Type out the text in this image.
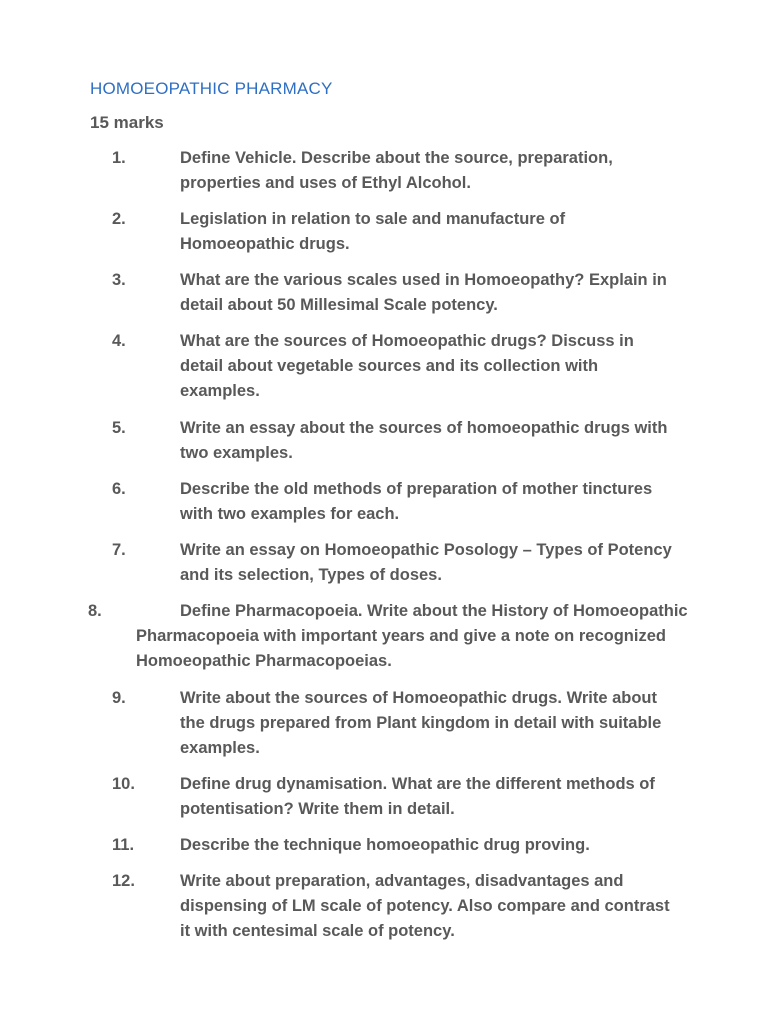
HOMOEOPATHIC PHARMACY
15 marks
1.	Define Vehicle. Describe about the source, preparation, properties and uses of Ethyl Alcohol.
2.	Legislation in relation to sale and manufacture of Homoeopathic drugs.
3.	What are the various scales used in Homoeopathy? Explain in detail about 50 Millesimal Scale potency.
4.	What are the sources of Homoeopathic drugs? Discuss in detail about vegetable sources and its collection with examples.
5.	Write an essay about the sources of homoeopathic drugs with two examples.
6.	Describe the old methods of preparation of mother tinctures with two examples for each.
7.	Write an essay on Homoeopathic Posology – Types of Potency and its selection, Types of doses.
8.	Define Pharmacopoeia. Write about the History of Homoeopathic Pharmacopoeia with important years and give a note on recognized Homoeopathic Pharmacopoeias.
9.	Write about the sources of Homoeopathic drugs. Write about the drugs prepared from Plant kingdom in detail with suitable examples.
10.	Define drug dynamisation. What are the different methods of potentisation? Write them in detail.
11.	Describe the technique homoeopathic drug proving.
12.	Write about preparation, advantages, disadvantages and dispensing of LM scale of potency. Also compare and contrast it with centesimal scale of potency.
